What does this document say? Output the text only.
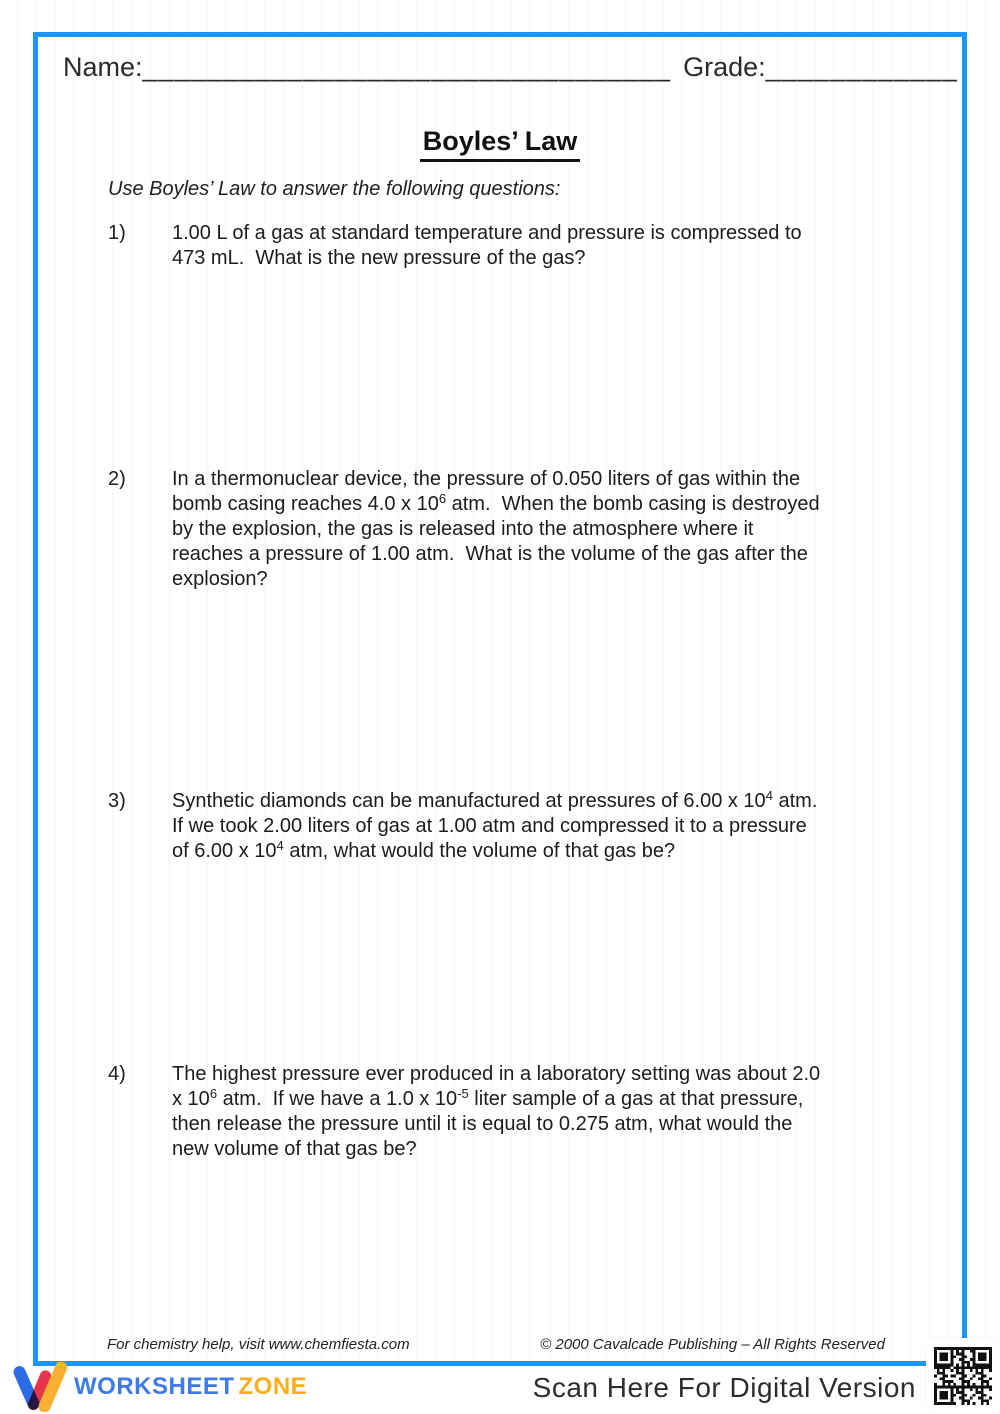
Name:_________________________________ Grade:____________
Boyles’ Law
Use Boyles’ Law to answer the following questions:
1)	1.00 L of a gas at standard temperature and pressure is compressed to
473 mL.  What is the new pressure of the gas?
2)	In a thermonuclear device, the pressure of 0.050 liters of gas within the
bomb casing reaches 4.0 x $10^6$ atm.  When the bomb casing is destroyed
by the explosion, the gas is released into the atmosphere where it
reaches a pressure of 1.00 atm.  What is the volume of the gas after the
explosion?
3)	Synthetic diamonds can be manufactured at pressures of 6.00 x $10^4$ atm.
If we took 2.00 liters of gas at 1.00 atm and compressed it to a pressure
of 6.00 x $10^4$ atm, what would the volume of that gas be?
4)	The highest pressure ever produced in a laboratory setting was about 2.0
x $10^6$ atm.  If we have a 1.0 x $10^{-5}$ liter sample of a gas at that pressure,
then release the pressure until it is equal to 0.275 atm, what would the
new volume of that gas be?
For chemistry help, visit www.chemfiesta.com	© 2000 Cavalcade Publishing – All Rights Reserved
WORKSHEET ZONE	Scan Here For Digital Version
